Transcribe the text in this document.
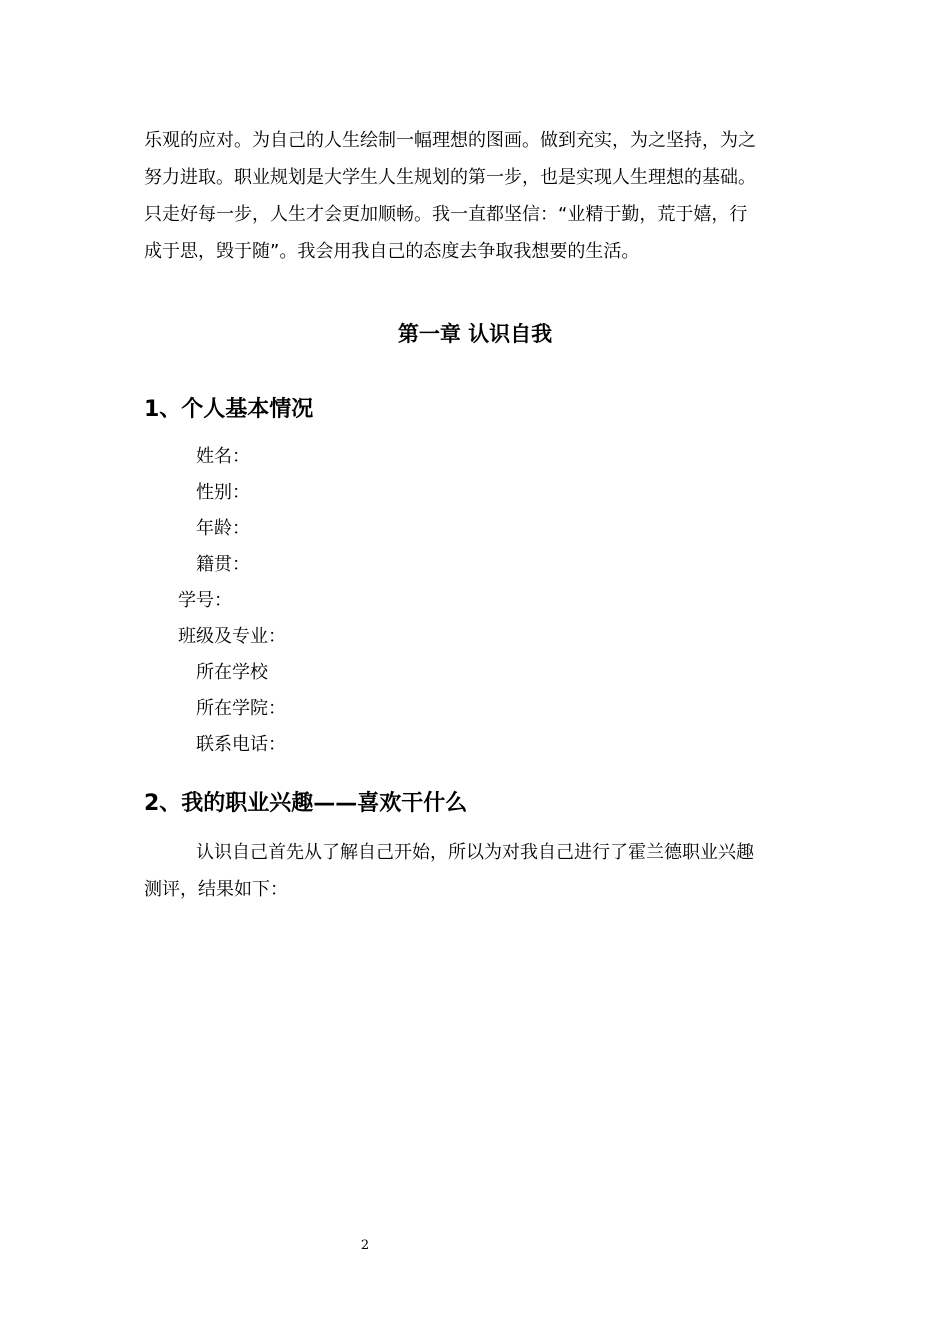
乐观的应对。为自己的人生绘制一幅理想的图画。做到充实，为之坚持，为之

努力进取。职业规划是大学生人生规划的第一步，也是实现人生理想的基础。

只走好每一步，人生才会更加顺畅。我一直都坚信：“业精于勤，荒于嬉，行

成于思，毁于随”。我会用我自己的态度去争取我想要的生活。

第一章 认识自我
1、个人基本情况
姓名：
性别：
年龄：
籍贯：
学号：
班级及专业：
所在学校
所在学院：
联系电话：
2、我的职业兴趣——喜欢干什么

认识自己首先从了解自己开始，所以为对我自己进行了霍兰德职业兴趣

测评，结果如下：

2
